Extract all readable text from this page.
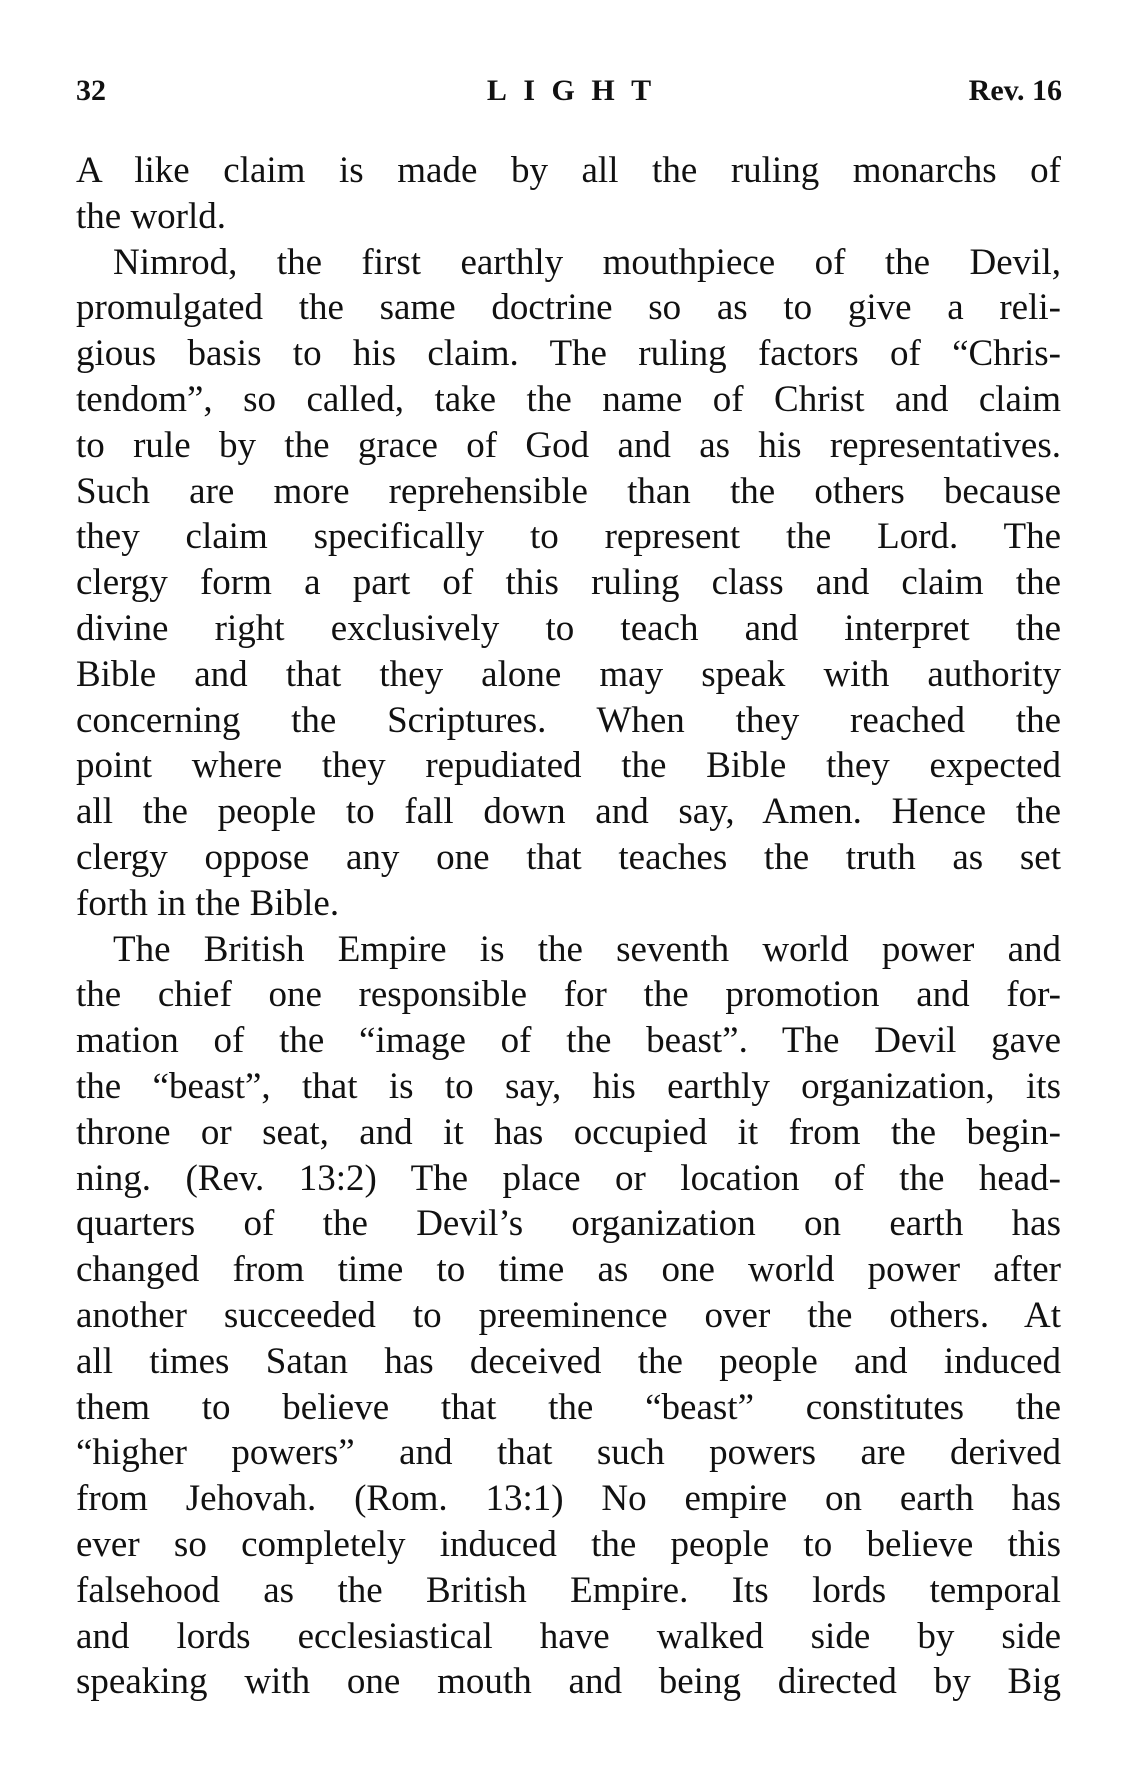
32	LIGHT	Rev. 16
A like claim is made by all the ruling monarchs of
the world.
Nimrod, the first earthly mouthpiece of the Devil,
promulgated the same doctrine so as to give a reli-
gious basis to his claim. The ruling factors of “Chris-
tendom”, so called, take the name of Christ and claim
to rule by the grace of God and as his representatives.
Such are more reprehensible than the others because
they claim specifically to represent the Lord. The
clergy form a part of this ruling class and claim the
divine right exclusively to teach and interpret the
Bible and that they alone may speak with authority
concerning the Scriptures. When they reached the
point where they repudiated the Bible they expected
all the people to fall down and say, Amen. Hence the
clergy oppose any one that teaches the truth as set
forth in the Bible.
The British Empire is the seventh world power and
the chief one responsible for the promotion and for-
mation of the “image of the beast”. The Devil gave
the “beast”, that is to say, his earthly organization, its
throne or seat, and it has occupied it from the begin-
ning. (Rev. 13:2) The place or location of the head-
quarters of the Devil’s organization on earth has
changed from time to time as one world power after
another succeeded to preeminence over the others. At
all times Satan has deceived the people and induced
them to believe that the “beast” constitutes the
“higher powers” and that such powers are derived
from Jehovah. (Rom. 13:1) No empire on earth has
ever so completely induced the people to believe this
falsehood as the British Empire. Its lords temporal
and lords ecclesiastical have walked side by side
speaking with one mouth and being directed by Big
